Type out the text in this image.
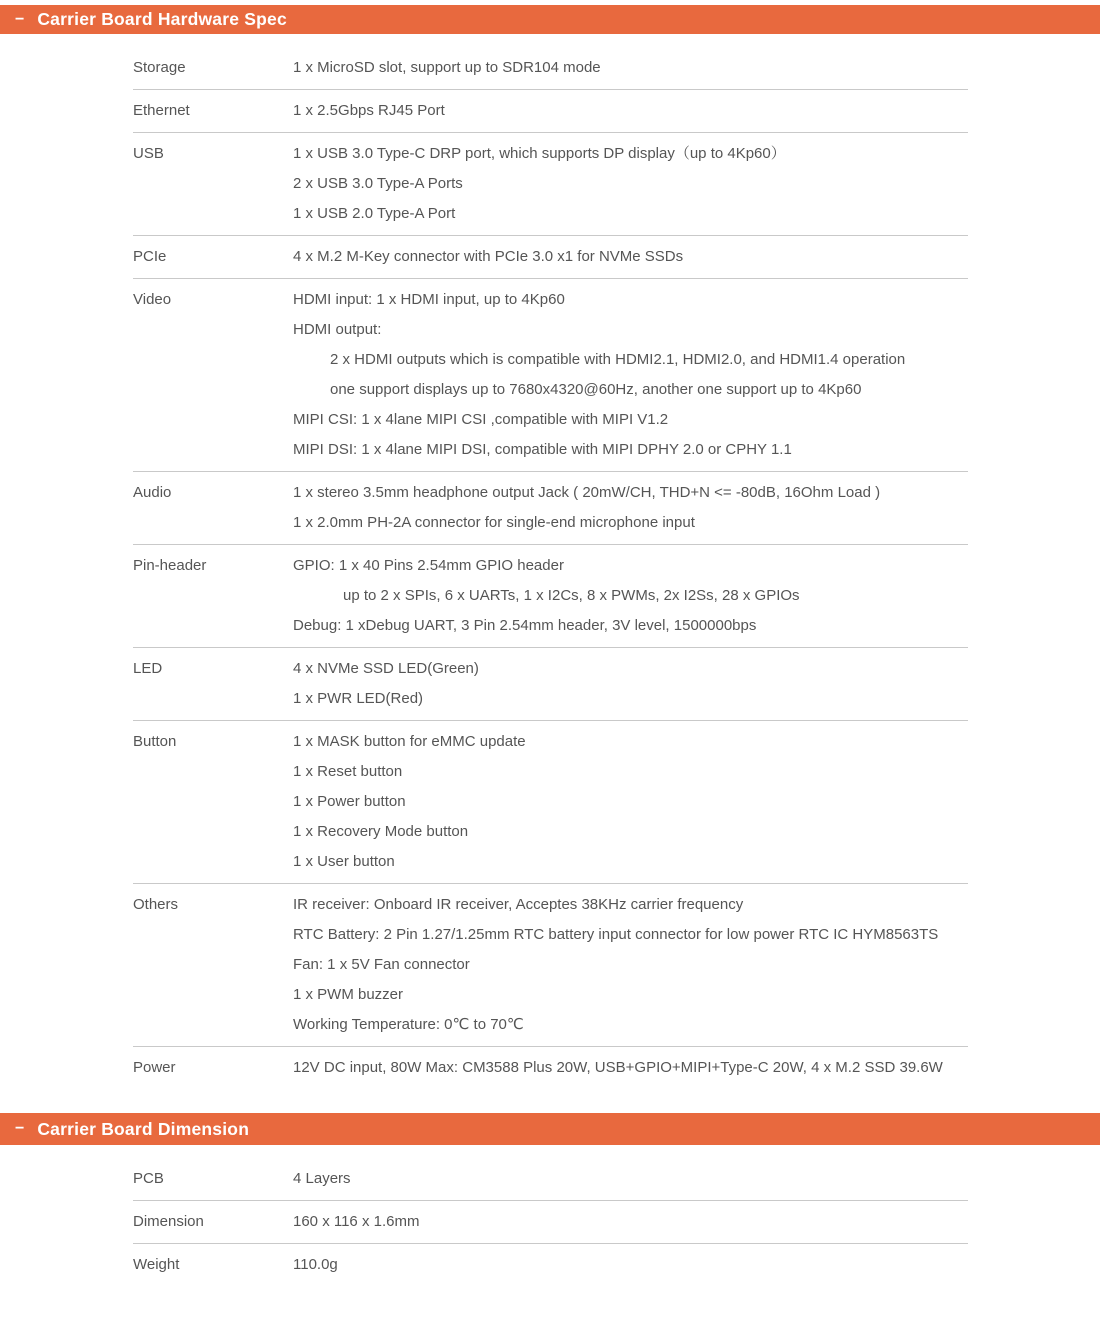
− Carrier Board Hardware Spec
Storage	1 x MicroSD slot, support up to SDR104 mode
Ethernet	1 x 2.5Gbps RJ45 Port
USB	1 x USB 3.0 Type-C DRP port, which supports DP display（up to 4Kp60）
2 x USB 3.0 Type-A Ports
1 x USB 2.0 Type-A Port
PCIe	4 x M.2 M-Key connector with PCIe 3.0 x1 for NVMe SSDs
Video	HDMI input: 1 x HDMI input, up to 4Kp60
HDMI output:
2 x HDMI outputs which is compatible with HDMI2.1, HDMI2.0, and HDMI1.4 operation
one support displays up to 7680x4320@60Hz, another one support up to 4Kp60
MIPI CSI: 1 x 4lane MIPI CSI ,compatible with MIPI V1.2
MIPI DSI: 1 x 4lane MIPI DSI, compatible with MIPI DPHY 2.0 or CPHY 1.1
Audio	1 x stereo 3.5mm headphone output Jack ( 20mW/CH, THD+N <= -80dB, 16Ohm Load )
1 x 2.0mm PH-2A connector for single-end microphone input
Pin-header	GPIO: 1 x 40 Pins 2.54mm GPIO header
up to 2 x SPIs, 6 x UARTs, 1 x I2Cs, 8 x PWMs, 2x I2Ss, 28 x GPIOs
Debug: 1 xDebug UART, 3 Pin 2.54mm header, 3V level, 1500000bps
LED	4 x NVMe SSD LED(Green)
1 x PWR LED(Red)
Button	1 x MASK button for eMMC update
1 x Reset button
1 x Power button
1 x Recovery Mode button
1 x User button
Others	IR receiver: Onboard IR receiver, Acceptes 38KHz carrier frequency
RTC Battery: 2 Pin 1.27/1.25mm RTC battery input connector for low power RTC IC HYM8563TS
Fan: 1 x 5V Fan connector
1 x PWM buzzer
Working Temperature: 0℃ to 70℃
Power	12V DC input, 80W Max: CM3588 Plus 20W, USB+GPIO+MIPI+Type-C 20W, 4 x M.2 SSD 39.6W
− Carrier Board Dimension
PCB	4 Layers
Dimension	160 x 116 x 1.6mm
Weight	110.0g
